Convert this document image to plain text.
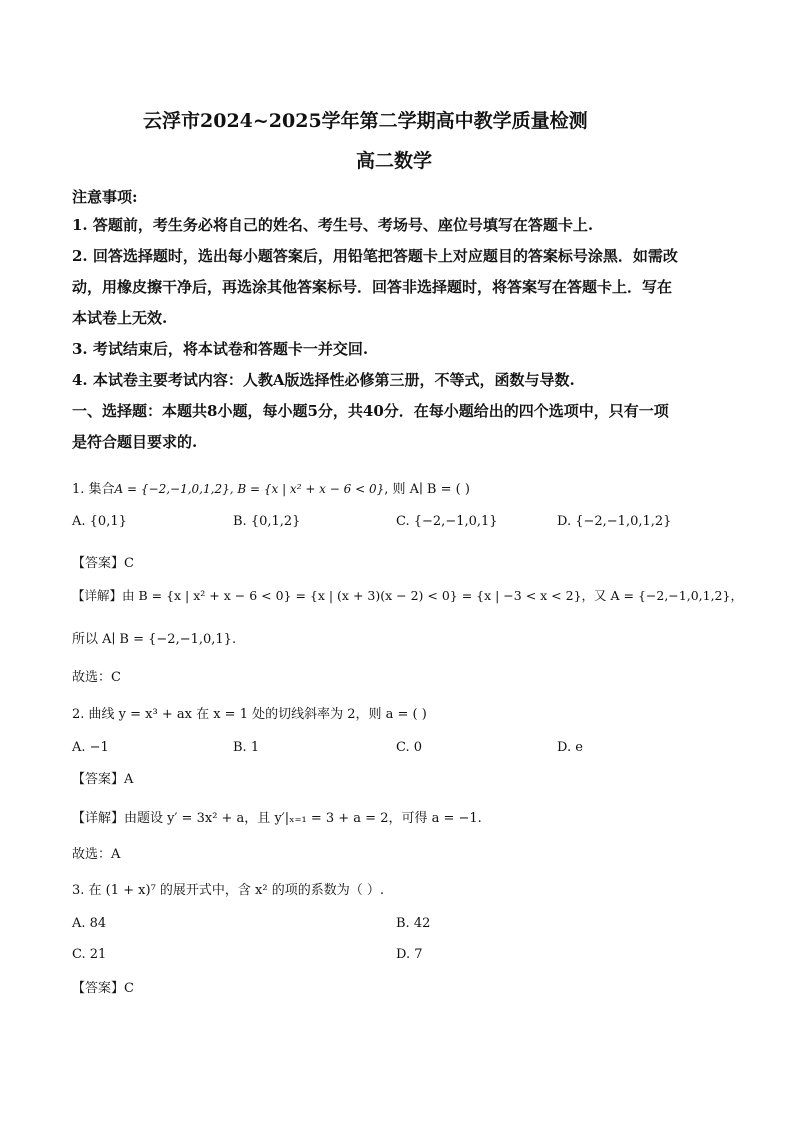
云浮市2024~2025学年第二学期高中教学质量检测
高二数学
注意事项:
1. 答题前，考生务必将自己的姓名、考生号、考场号、座位号填写在答题卡上.
2. 回答选择题时，选出每小题答案后，用铅笔把答题卡上对应题目的答案标号涂黑．如需改
动，用橡皮擦干净后，再选涂其他答案标号．回答非选择题时，将答案写在答题卡上．写在
本试卷上无效.
3. 考试结束后，将本试卷和答题卡一并交回.
4. 本试卷主要考试内容：人教A版选择性必修第三册，不等式，函数与导数.
一、选择题：本题共8小题，每小题5分，共40分．在每小题给出的四个选项中，只有一项
是符合题目要求的.
1. 集合A = {−2,−1,0,1,2}, B = {x | x² + x − 6 < 0}, 则 A∣ B = ( )
A. {0,1}	B. {0,1,2}	C. {−2,−1,0,1}	D. {−2,−1,0,1,2}
【答案】C
【详解】由 B = {x | x² + x − 6 < 0} = {x | (x + 3)(x − 2) < 0} = {x | −3 < x < 2}，又 A = {−2,−1,0,1,2}，
所以 A∣ B = {−2,−1,0,1}.
故选：C
2. 曲线 y = x³ + ax 在 x = 1 处的切线斜率为 2，则 a = ( )
A. −1	B. 1	C. 0	D. e
【答案】A
【详解】由题设 y′ = 3x² + a，且 y′|ₓ₌₁ = 3 + a = 2，可得 a = −1.
故选：A
3. 在 (1 + x)⁷ 的展开式中，含 x² 的项的系数为（ ）.
A. 84	B. 42
C. 21	D. 7
【答案】C
